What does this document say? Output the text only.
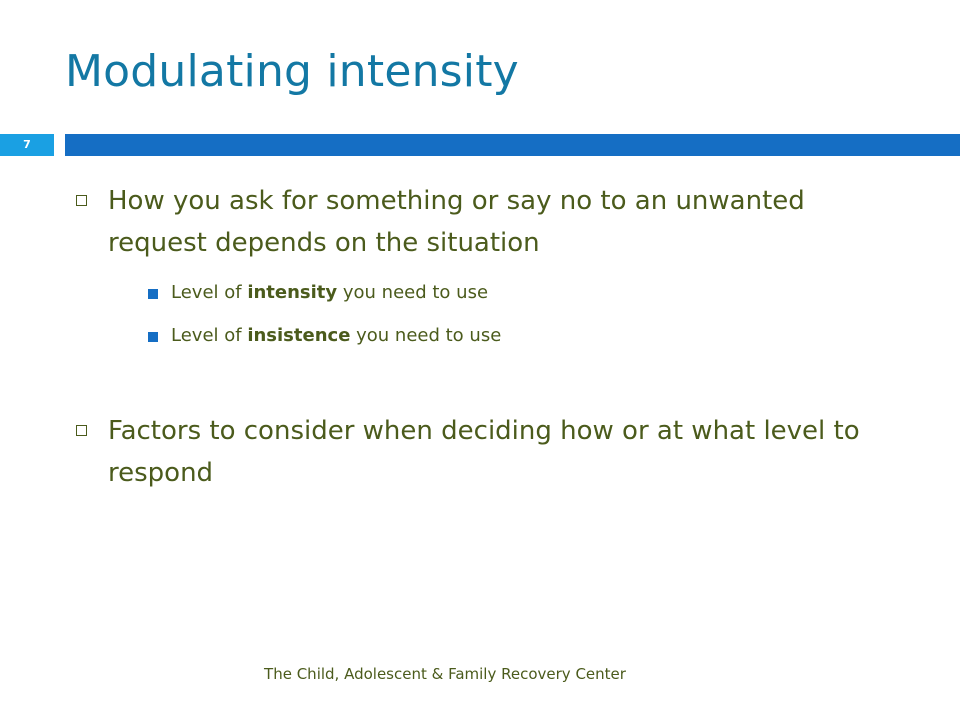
Modulating intensity
7
How you ask for something or say no to an unwanted request depends on the situation
Level of intensity you need to use
Level of insistence you need to use
Factors to consider when deciding how or at what level to respond
The Child, Adolescent & Family Recovery Center
